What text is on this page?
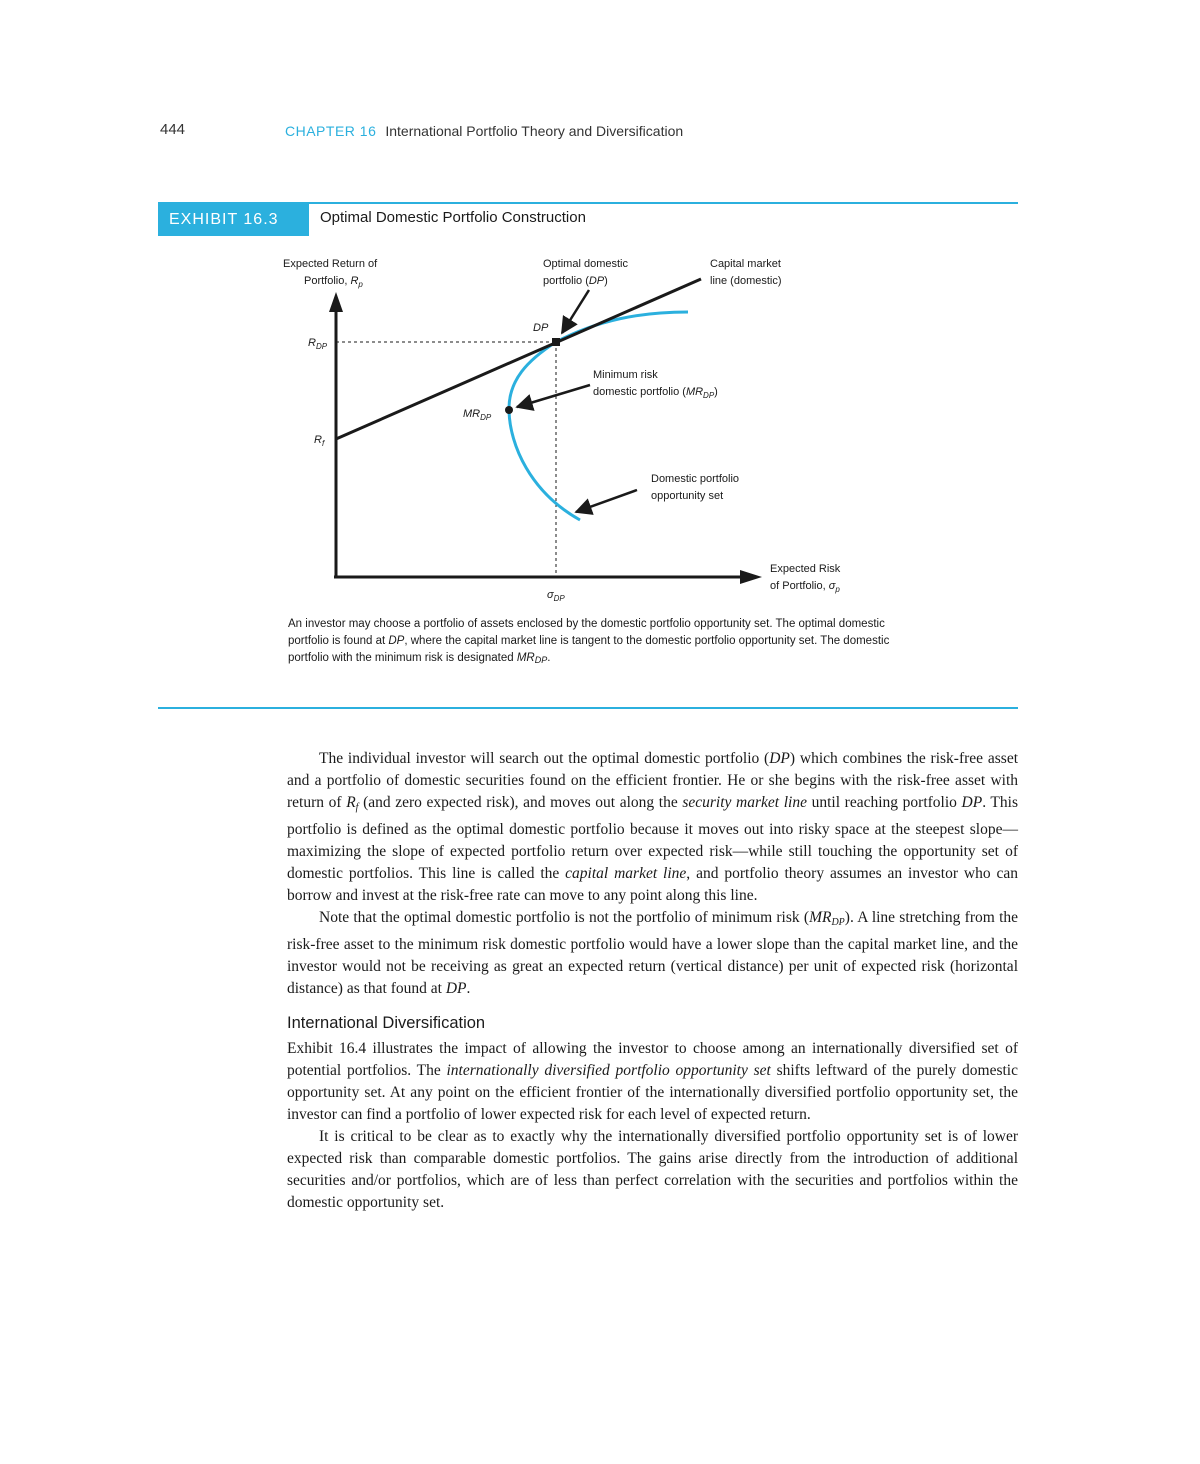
444	CHAPTER 16 International Portfolio Theory and Diversification
EXHIBIT 16.3	Optimal Domestic Portfolio Construction
Expected Return of
Portfolio, $R_p$
$R_{DP}$
$R_f$
$\sigma_{DP}$
Expected Risk
of Portfolio, $\sigma_p$
DP
$MR_{DP}$
Optimal domestic
portfolio (DP)
Capital market
line (domestic)
Minimum risk
domestic portfolio $(MR_{DP})$
Domestic portfolio
opportunity set

An investor may choose a portfolio of assets enclosed by the domestic portfolio opportunity set. The optimal domestic portfolio is found at DP, where the capital market line is tangent to the domestic portfolio opportunity set. The domestic portfolio with the minimum risk is designated MRDP.

The individual investor will search out the optimal domestic portfolio (DP) which combines the risk-free asset and a portfolio of domestic securities found on the efficient frontier. He or she begins with the risk-free asset with return of Rf (and zero expected risk), and moves out along the security market line until reaching portfolio DP. This portfolio is defined as the optimal domestic portfolio because it moves out into risky space at the steepest slope—maximizing the slope of expected portfolio return over expected risk—while still touching the opportunity set of domestic portfolios. This line is called the capital market line, and portfolio theory assumes an investor who can borrow and invest at the risk-free rate can move to any point along this line.

Note that the optimal domestic portfolio is not the portfolio of minimum risk (MRDP). A line stretching from the risk-free asset to the minimum risk domestic portfolio would have a lower slope than the capital market line, and the investor would not be receiving as great an expected return (vertical distance) per unit of expected risk (horizontal distance) as that found at DP.

International Diversification

Exhibit 16.4 illustrates the impact of allowing the investor to choose among an internationally diversified set of potential portfolios. The internationally diversified portfolio opportunity set shifts leftward of the purely domestic opportunity set. At any point on the efficient frontier of the internationally diversified portfolio opportunity set, the investor can find a portfolio of lower expected risk for each level of expected return.

It is critical to be clear as to exactly why the internationally diversified portfolio opportunity set is of lower expected risk than comparable domestic portfolios. The gains arise directly from the introduction of additional securities and/or portfolios, which are of less than perfect correlation with the securities and portfolios within the domestic opportunity set.
